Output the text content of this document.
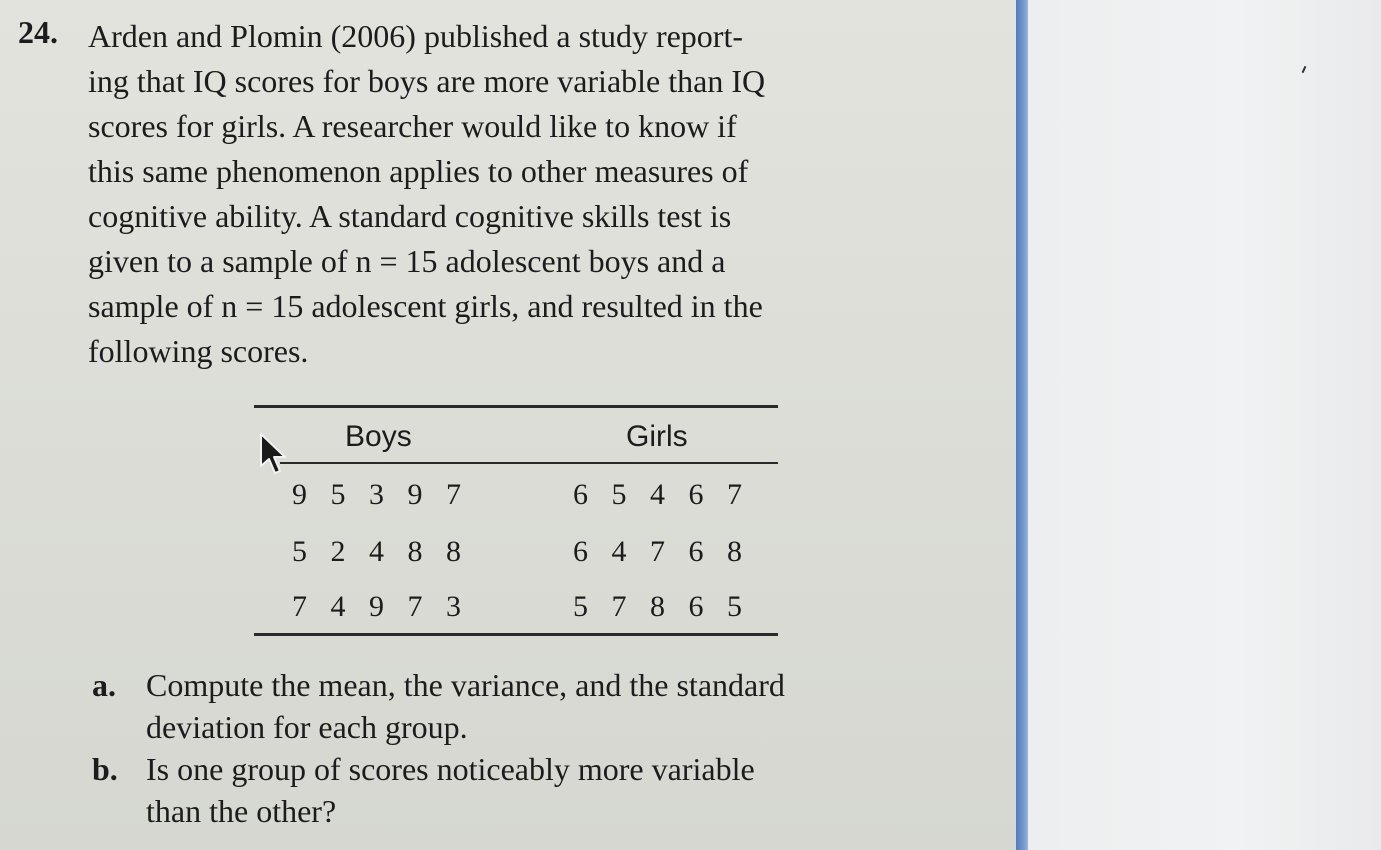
24. Arden and Plomin (2006) published a study report-
ing that IQ scores for boys are more variable than IQ
scores for girls. A researcher would like to know if
this same phenomenon applies to other measures of
cognitive ability. A standard cognitive skills test is
given to a sample of n = 15 adolescent boys and a
sample of n = 15 adolescent girls, and resulted in the
following scores.
Boys	Girls
9 5 3 9 7	6 5 4 6 7
5 2 4 8 8	6 4 7 6 8
7 4 9 7 3	5 7 8 6 5
a. Compute the mean, the variance, and the standard
deviation for each group.
b. Is one group of scores noticeably more variable
than the other?
